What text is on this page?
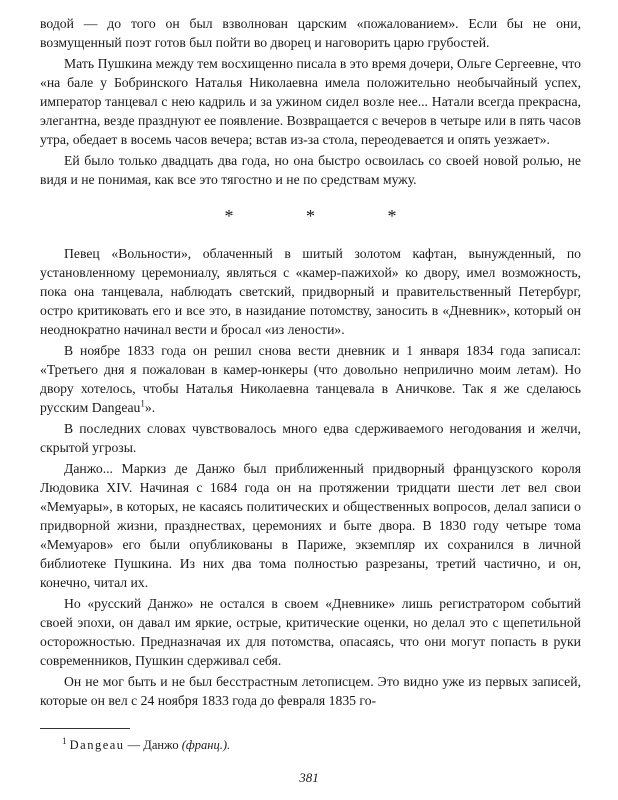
водой — до того он был взволнован царским «пожалованием». Если бы не они, возмущенный поэт готов был пойти во дворец и наговорить царю грубостей.

Мать Пушкина между тем восхищенно писала в это время дочери, Ольге Сергеевне, что «на бале у Бобринского Наталья Николаевна имела положительно необычайный успех, император танцевал с нею кадриль и за ужином сидел возле нее... Натали всегда прекрасна, элегантна, везде празднуют ее появление. Возвращается с вечеров в четыре или в пять часов утра, обедает в восемь часов вечера; встав из-за стола, переодевается и опять уезжает».

Ей было только двадцать два года, но она быстро освоилась со своей новой ролью, не видя и не понимая, как все это тягостно и не по средствам мужу.

* * *

Певец «Вольности», облаченный в шитый золотом кафтан, вынужденный, по установленному церемониалу, являться с «камер-пажихой» ко двору, имел возможность, пока она танцевала, наблюдать светский, придворный и правительственный Петербург, остро критиковать его и все это, в назидание потомству, заносить в «Дневник», который он неоднократно начинал вести и бросал «из лености».

В ноябре 1833 года он решил снова вести дневник и 1 января 1834 года записал: «Третьего дня я пожалован в камер-юнкеры (что довольно неприлично моим летам). Но двору хотелось, чтобы Наталья Николаевна танцевала в Аничкове. Так я же сделаюсь русским Dangeau$^1$».

В последних словах чувствовалось много едва сдерживаемого негодования и желчи, скрытой угрозы.

Данжо... Маркиз де Данжо был приближенный придворный французского короля Людовика XIV. Начиная с 1684 года он на протяжении тридцати шести лет вел свои «Мемуары», в которых, не касаясь политических и общественных вопросов, делал записи о придворной жизни, празднествах, церемониях и быте двора. В 1830 году четыре тома «Мемуаров» его были опубликованы в Париже, экземпляр их сохранился в личной библиотеке Пушкина. Из них два тома полностью разрезаны, третий частично, и он, конечно, читал их.

Но «русский Данжо» не остался в своем «Дневнике» лишь регистратором событий своей эпохи, он давал им яркие, острые, критические оценки, но делал это с щепетильной осторожностью. Предназначая их для потомства, опасаясь, что они могут попасть в руки современников, Пушкин сдерживал себя.

Он не мог быть и не был бесстрастным летописцем. Это видно уже из первых записей, которые он вел с 24 ноября 1833 года до февраля 1835 го-

$^1$ Dangeau — Данжо (франц.).
381
